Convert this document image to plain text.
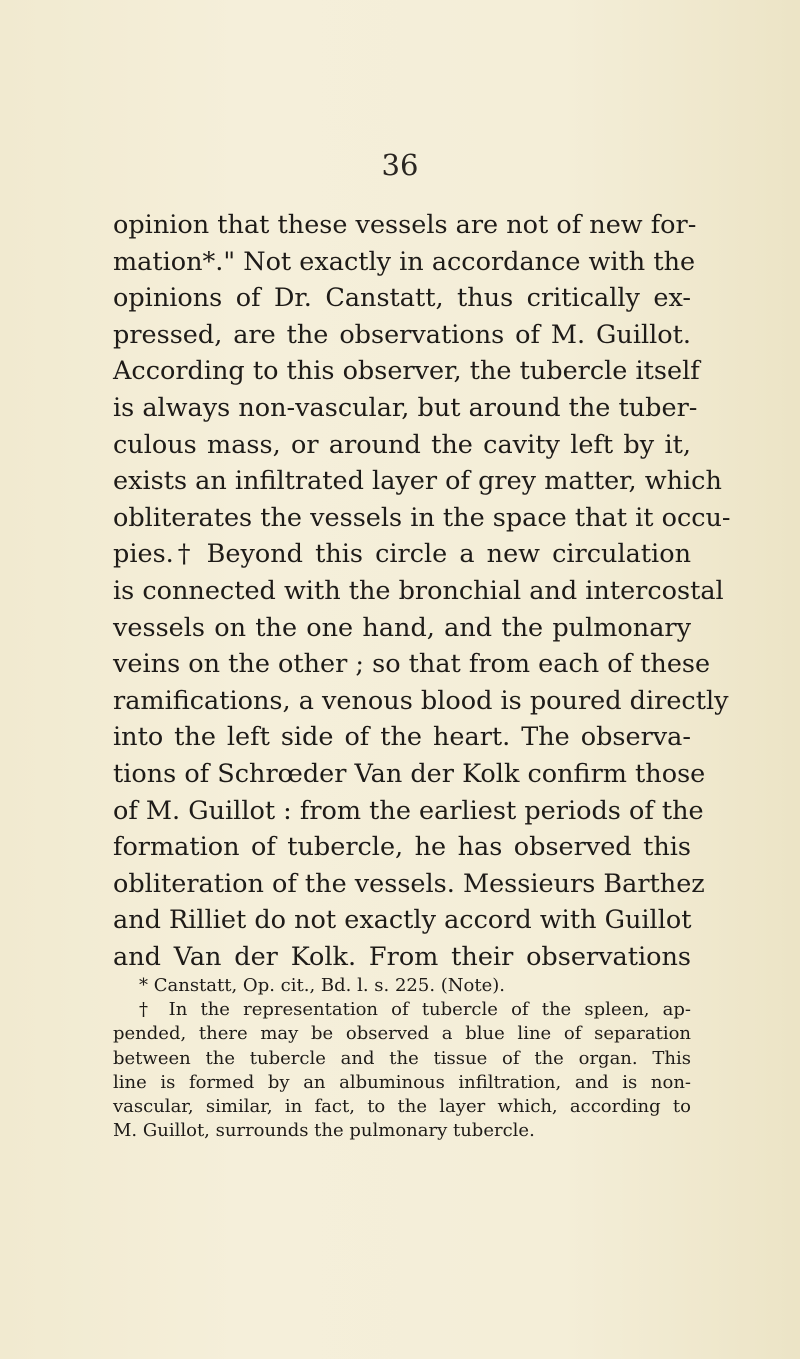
36
opinion that these vessels are not of new for-
mation*." Not exactly in accordance with the
opinions of Dr. Canstatt, thus critically ex-
pressed, are the observations of M. Guillot.
According to this observer, the tubercle itself
is always non-vascular, but around the tuber-
culous mass, or around the cavity left by it,
exists an infiltrated layer of grey matter, which
obliterates the vessels in the space that it occu-
pies.† Beyond this circle a new circulation
is connected with the bronchial and intercostal
vessels on the one hand, and the pulmonary
veins on the other ; so that from each of these
ramifications, a venous blood is poured directly
into the left side of the heart. The observa-
tions of Schrœder Van der Kolk confirm those
of M. Guillot : from the earliest periods of the
formation of tubercle, he has observed this
obliteration of the vessels. Messieurs Barthez
and Rilliet do not exactly accord with Guillot
and Van der Kolk. From their observations
* Canstatt, Op. cit., Bd. l. s. 225. (Note).
† In the representation of tubercle of the spleen, ap-
pended, there may be observed a blue line of separation
between the tubercle and the tissue of the organ. This
line is formed by an albuminous infiltration, and is non-
vascular, similar, in fact, to the layer which, according to
M. Guillot, surrounds the pulmonary tubercle.
